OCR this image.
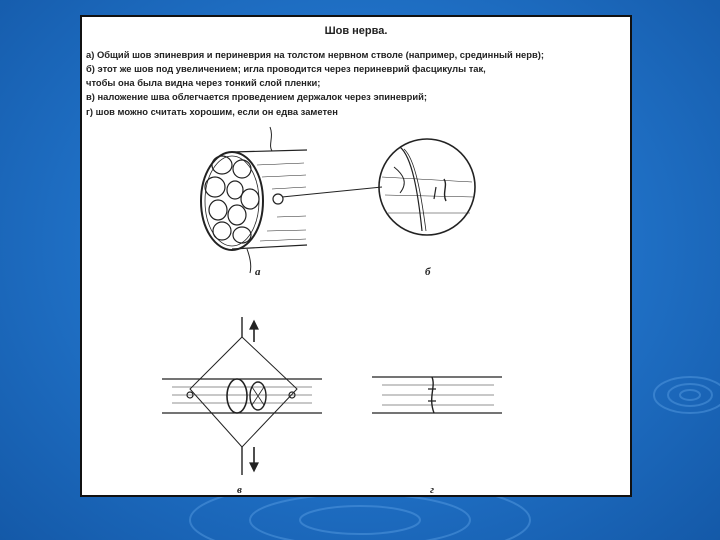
Шов нерва.
а) Общий шов эпиневрия и периневрия на толстом нервном стволе (например, срединный нерв);
б) этот же шов под увеличением; игла проводится через периневрий фасцикулы так,
чтобы она была видна через тонкий слой пленки;
в) наложение шва облегчается проведением держалок через эпиневрий;
г) шов можно считать хорошим, если он едва заметен
а	б
в	г
